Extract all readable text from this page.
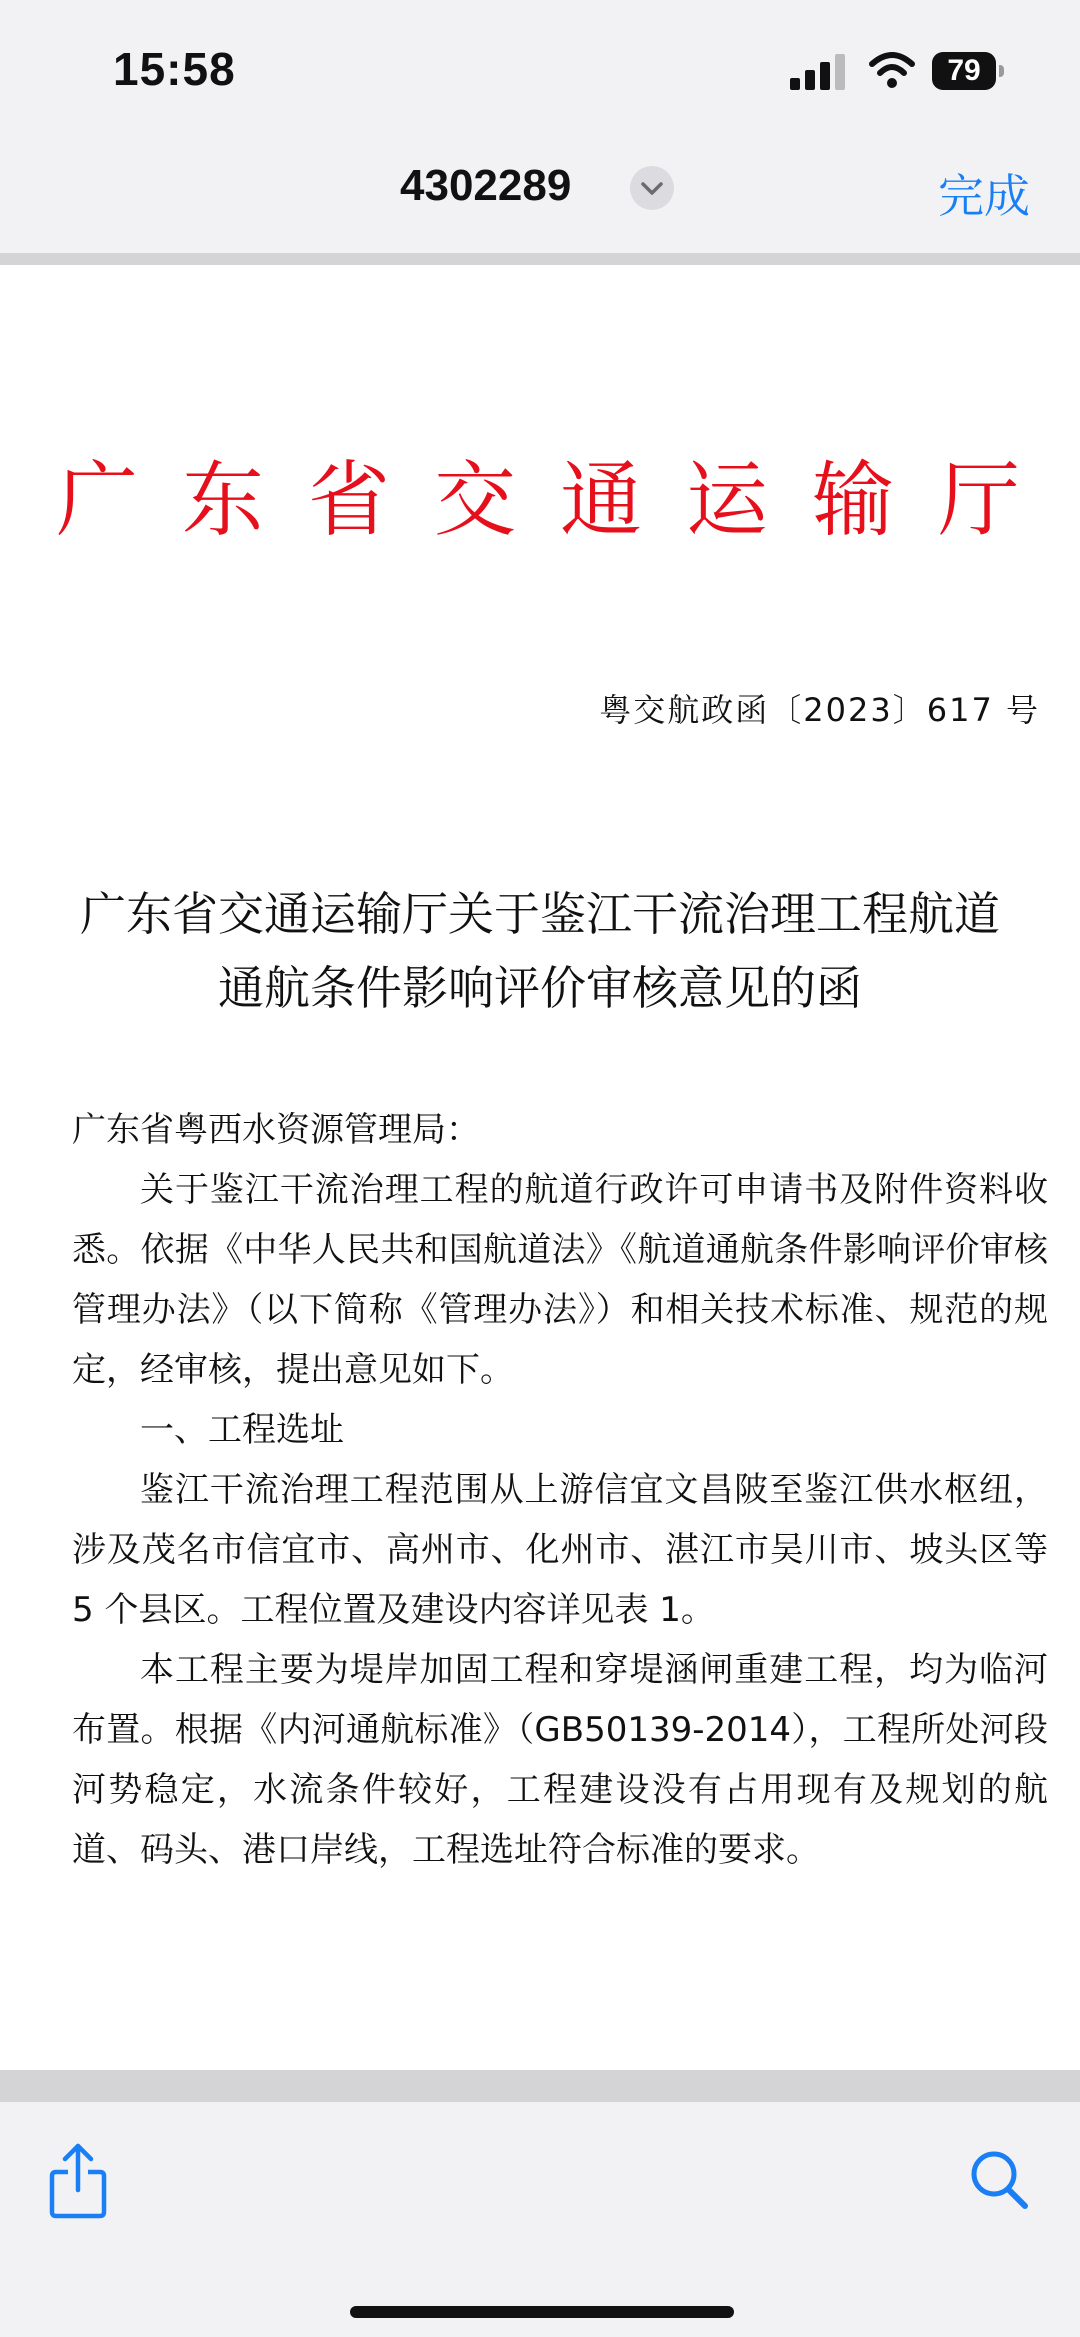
15:58	79
4302289	完成
广东省交通运输厅
粤交航政函〔2023〕617 号
广东省交通运输厅关于鉴江干流治理工程航道
通航条件影响评价审核意见的函

广东省粤西水资源管理局：

关于鉴江干流治理工程的航道行政许可申请书及附件资料收悉。依据《中华人民共和国航道法》《航道通航条件影响评价审核管理办法》（以下简称《管理办法》）和相关技术标准、规范的规定，经审核，提出意见如下。

一、工程选址

鉴江干流治理工程范围从上游信宜文昌陂至鉴江供水枢纽，涉及茂名市信宜市、高州市、化州市、湛江市吴川市、坡头区等 5 个县区。工程位置及建设内容详见表 1。

本工程主要为堤岸加固工程和穿堤涵闸重建工程，均为临河布置。根据《内河通航标准》（GB50139-2014），工程所处河段河势稳定，水流条件较好，工程建设没有占用现有及规划的航道、码头、港口岸线，工程选址符合标准的要求。
